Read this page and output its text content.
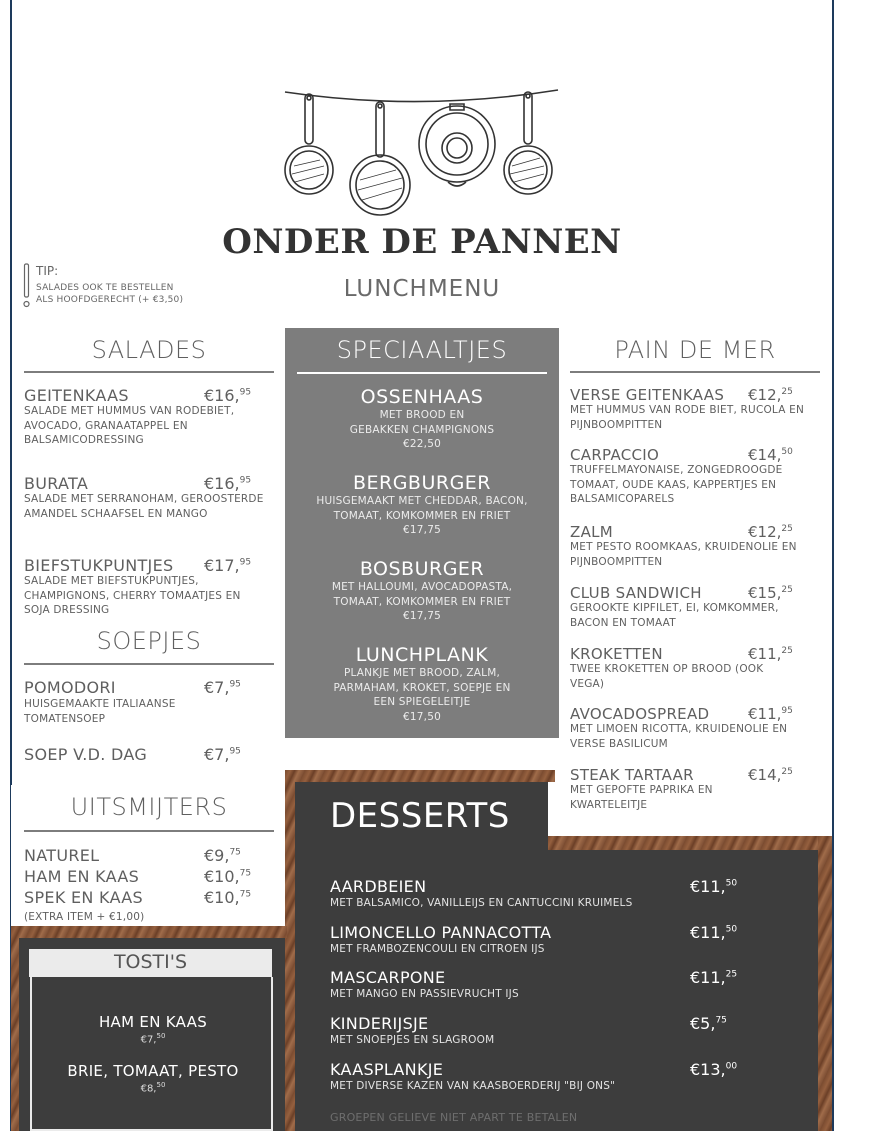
ONDER DE PANNEN
LUNCHMENU
TIP:
SALADES OOK TE BESTELLEN
ALS HOOFDGERECHT (+ €3,50)
SALADES
GEITENKAAS	€16,95
SALADE MET HUMMUS VAN RODEBIET, AVOCADO, GRANAATAPPEL EN BALSAMICODRESSING
BURATA	€16,95
SALADE MET SERRANOHAM, GEROOSTERDE AMANDEL SCHAAFSEL EN MANGO
BIEFSTUKPUNTJES €17,95
SALADE MET BIEFSTUKPUNTJES, CHAMPIGNONS, CHERRY TOMAATJES EN SOJA DRESSING
SOEPJES
POMODORI	€7,95
HUISGEMAAKTE ITALIAANSE TOMATENSOEP
SOEP V.D. DAG	€7,95
SPECIAALTJES
OSSENHAAS
MET BROOD EN
GEBAKKEN CHAMPIGNONS
€22,50
BERGBURGER
HUISGEMAAKT MET CHEDDAR, BACON,
TOMAAT, KOMKOMMER EN FRIET
€17,75
BOSBURGER
MET HALLOUMI, AVOCADOPASTA,
TOMAAT, KOMKOMMER EN FRIET
€17,75
LUNCHPLANK
PLANKJE MET BROOD, ZALM,
PARMAHAM, KROKET, SOEPJE EN
EEN SPIEGELEITJE
€17,50
PAIN DE MER
VERSE GEITENKAAS €12,25
MET HUMMUS VAN RODE BIET, RUCOLA EN PIJNBOOMPITTEN
CARPACCIO	€14,50
TRUFFELMAYONAISE, ZONGEDROOGDE TOMAAT, OUDE KAAS, KAPPERTJES EN BALSAMICOPARELS
ZALM	€12,25
MET PESTO ROOMKAAS, KRUIDENOLIE EN PIJNBOOMPITTEN
CLUB SANDWICH	€15,25
GEROOKTE KIPFILET, EI, KOMKOMMER, BACON EN TOMAAT
KROKETTEN	€11,25
TWEE KROKETTEN OP BROOD (OOK VEGA)
AVOCADOSPREAD	€11,95
MET LIMOEN RICOTTA, KRUIDENOLIE EN VERSE BASILICUM
STEAK TARTAAR	€14,25
MET GEPOFTE PAPRIKA EN KWARTELEITJE
UITSMIJTERS
NATUREL	€9,75
HAM EN KAAS	€10,75
SPEK EN KAAS	€10,75
(EXTRA ITEM + €1,00)
DESSERTS
AARDBEIEN
MET BALSAMICO, VANILLEIJS EN CANTUCCINI KRUIMELS
€11,50
LIMONCELLO PANNACOTTA
MET FRAMBOZENCOULI EN CITROEN IJS
€11,50
MASCARPONE
MET MANGO EN PASSIEVRUCHT IJS
€11,25
KINDERIJSJE
MET SNOEPJES EN SLAGROOM
€5,75
KAASPLANKJE
MET DIVERSE KAZEN VAN KAASBOERDERIJ "BIJ ONS"
€13,00
GROEPEN GELIEVE NIET APART TE BETALEN
TOSTI'S
HAM EN KAAS
€7,50
BRIE, TOMAAT, PESTO
€8,50
